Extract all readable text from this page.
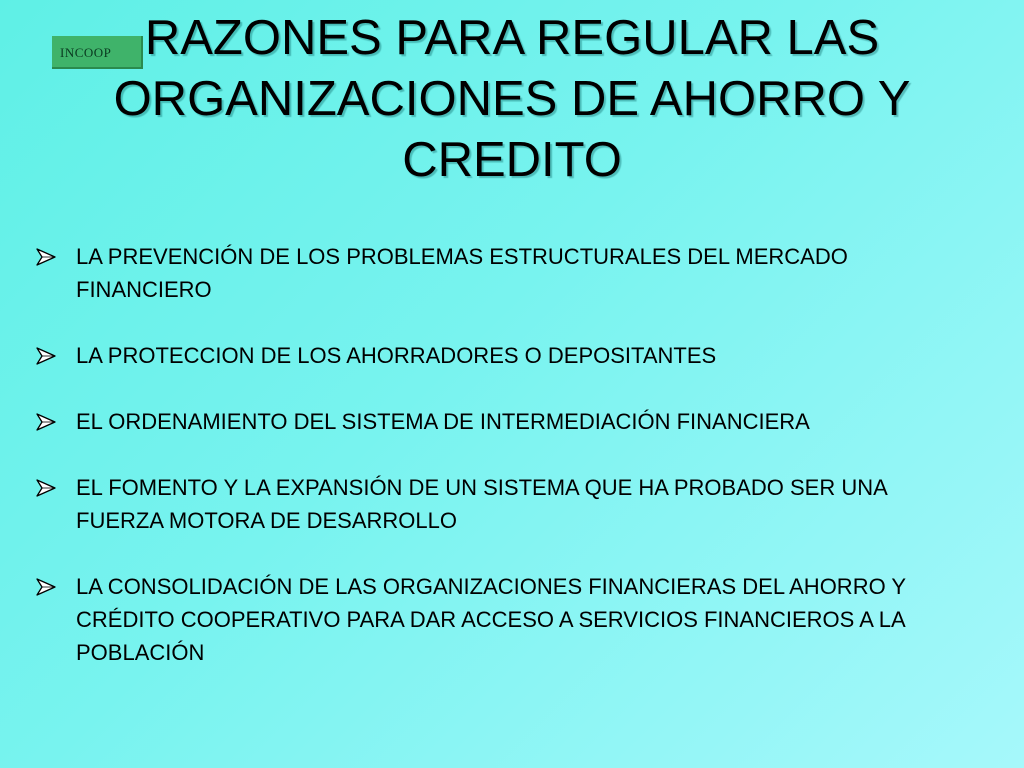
INCOOP RAZONES PARA REGULAR LAS ORGANIZACIONES DE AHORRO Y CREDITO
LA PREVENCIÓN DE LOS PROBLEMAS ESTRUCTURALES DEL MERCADO FINANCIERO
LA PROTECCION DE LOS AHORRADORES O DEPOSITANTES
EL ORDENAMIENTO DEL SISTEMA DE INTERMEDIACIÓN FINANCIERA
EL FOMENTO Y LA EXPANSIÓN DE UN SISTEMA QUE HA PROBADO SER UNA FUERZA MOTORA DE DESARROLLO
LA CONSOLIDACIÓN DE LAS ORGANIZACIONES FINANCIERAS DEL AHORRO Y CRÉDITO COOPERATIVO PARA DAR ACCESO A SERVICIOS FINANCIEROS A LA POBLACIÓN
